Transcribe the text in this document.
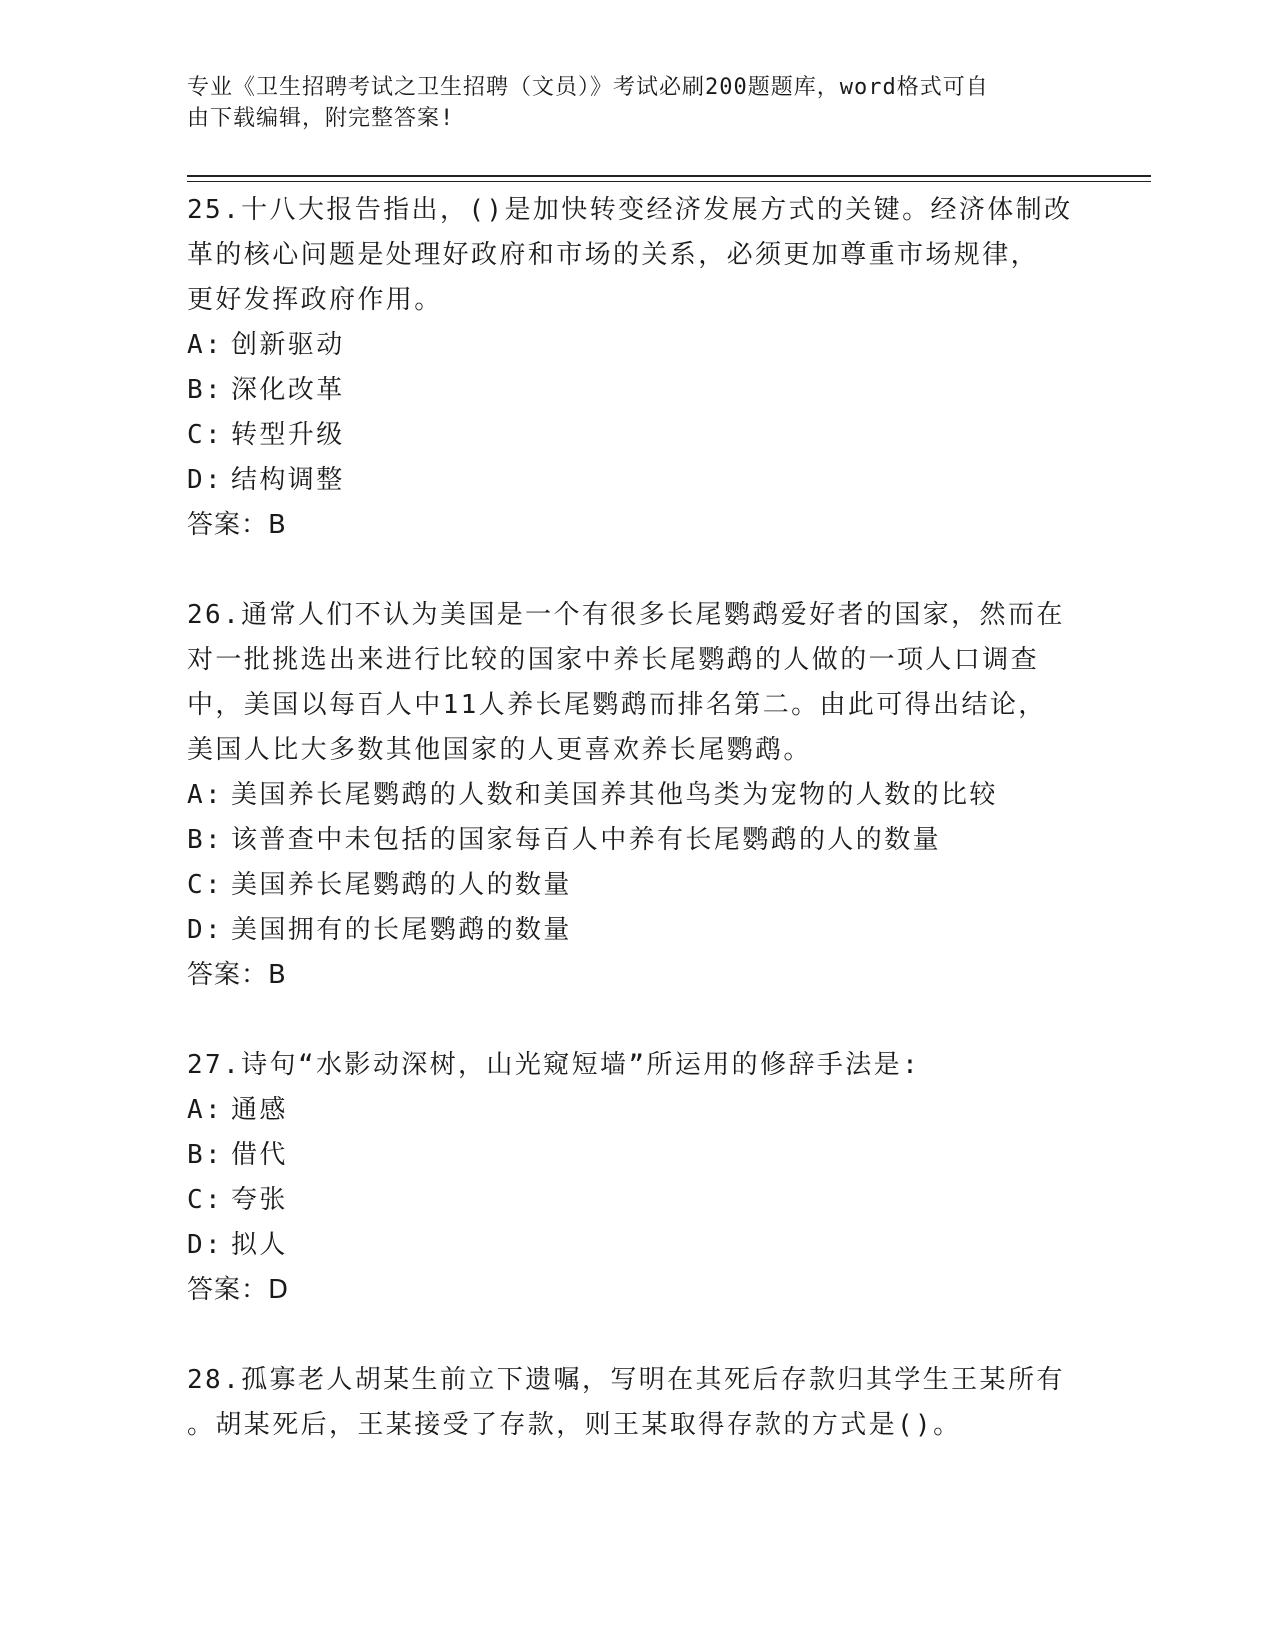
专业《卫生招聘考试之卫生招聘（文员）》考试必刷200题题库，word格式可自
由下载编辑，附完整答案!
25.十八大报告指出，()是加快转变经济发展方式的关键。经济体制改
革的核心问题是处理好政府和市场的关系，必须更加尊重市场规律，
更好发挥政府作用。
A: 创新驱动
B: 深化改革
C: 转型升级
D: 结构调整
答案：B
26.通常人们不认为美国是一个有很多长尾鹦鹉爱好者的国家，然而在
对一批挑选出来进行比较的国家中养长尾鹦鹉的人做的一项人口调查
中，美国以每百人中11人养长尾鹦鹉而排名第二。由此可得出结论，
美国人比大多数其他国家的人更喜欢养长尾鹦鹉。
A: 美国养长尾鹦鹉的人数和美国养其他鸟类为宠物的人数的比较
B: 该普查中未包括的国家每百人中养有长尾鹦鹉的人的数量
C: 美国养长尾鹦鹉的人的数量
D: 美国拥有的长尾鹦鹉的数量
答案：B
27.诗句“水影动深树，山光窥短墙”所运用的修辞手法是:
A: 通感
B: 借代
C: 夸张
D: 拟人
答案：D
28.孤寡老人胡某生前立下遗嘱，写明在其死后存款归其学生王某所有
。胡某死后，王某接受了存款，则王某取得存款的方式是()。
